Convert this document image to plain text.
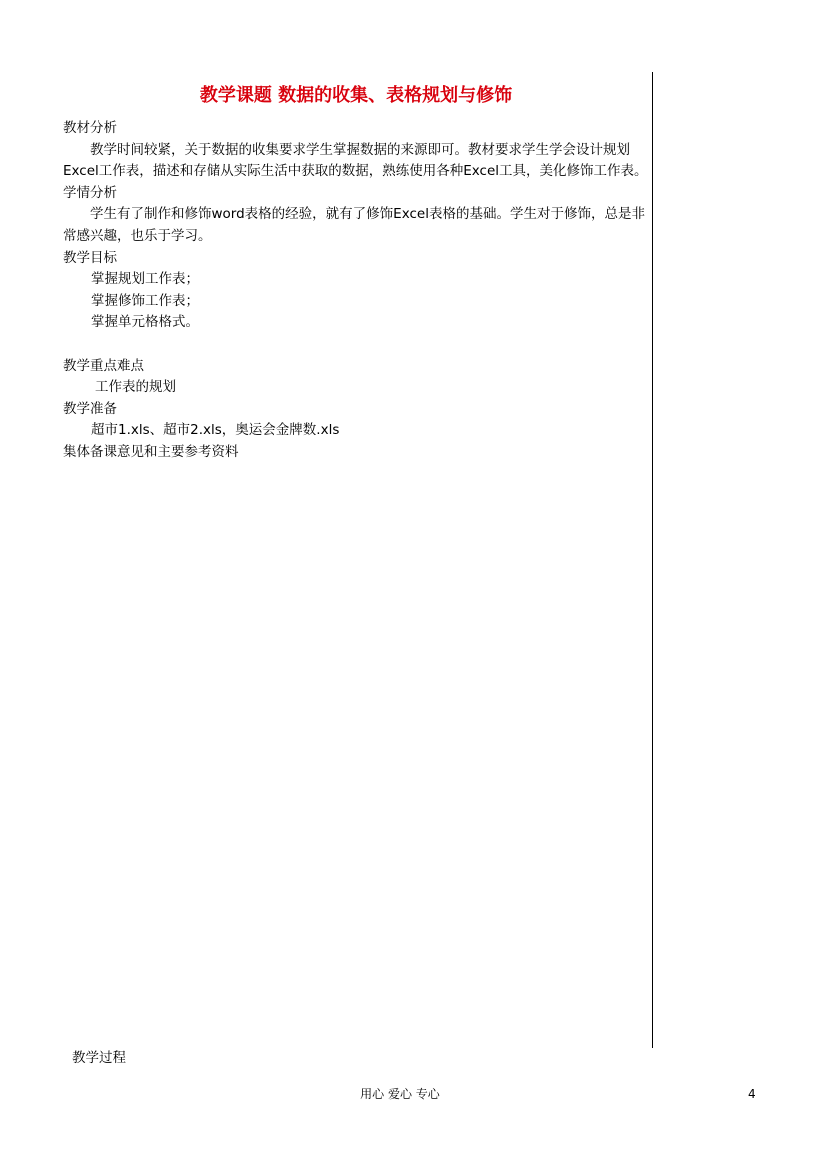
教学课题 数据的收集、表格规划与修饰

教材分析

教学时间较紧，关于数据的收集要求学生掌握数据的来源即可。教材要求学生学会设计规划Excel工作表，描述和存储从实际生活中获取的数据，熟练使用各种Excel工具，美化修饰工作表。

学情分析

学生有了制作和修饰word表格的经验，就有了修饰Excel表格的基础。学生对于修饰，总是非常感兴趣，也乐于学习。

教学目标

掌握规划工作表；

掌握修饰工作表；

掌握单元格格式。

教学重点难点

工作表的规划

教学准备

超市1.xls、超市2.xls，奥运会金牌数.xls

集体备课意见和主要参考资料

教学过程
用心 爱心 专心	4
